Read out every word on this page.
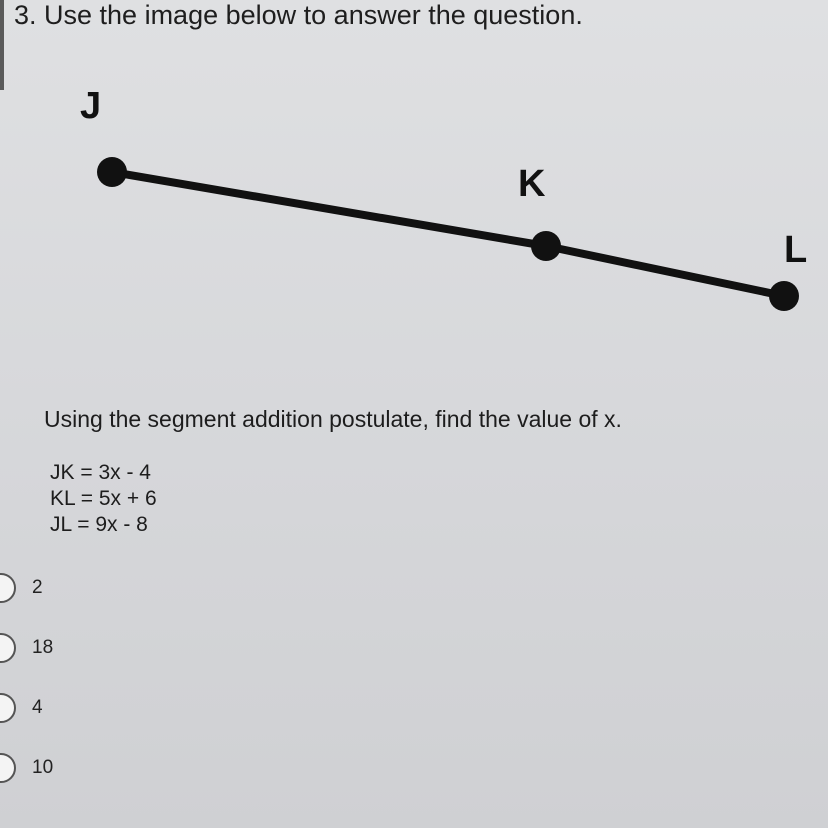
3. Use the image below to answer the question.
J
K
L
Using the segment addition postulate, find the value of x.
JK = 3x - 4
KL = 5x + 6
JL = 9x - 8
2
18
4
10
